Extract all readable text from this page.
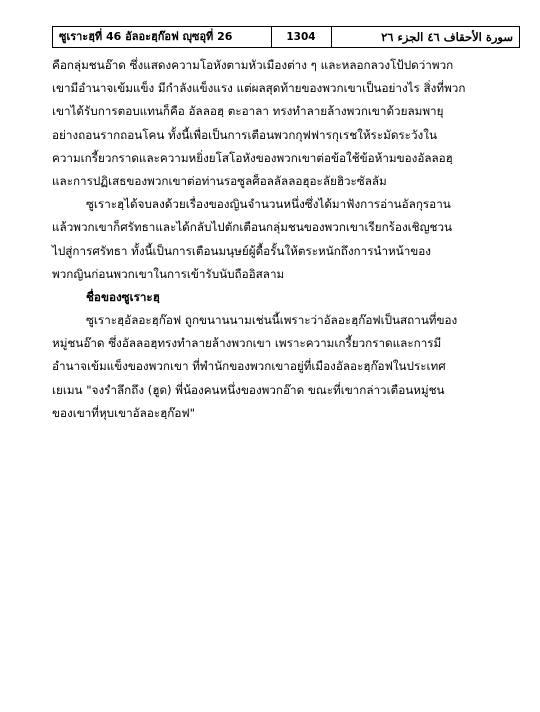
ซูเราะฮฺที่ 46 อัลอะฮฺก๊อฟ ญุซอุที่ 26	1304	سورة الأحقاف ٤٦ الجزء ٢٦
คือกลุ่มชนอ๊าด ซึ่งแสดงความโอหังตามหัวเมืองต่าง ๆ และหลอกลวงโป้ปดว่าพวก
เขามีอำนาจเข้มแข็ง มีกำลังแข็งแรง แต่ผลสุดท้ายของพวกเขาเป็นอย่างไร สิ่งที่พวก
เขาได้รับการตอบแทนก็คือ อัลลอฮฺ ตะอาลา ทรงทำลายล้างพวกเขาด้วยลมพายุ
อย่างถอนรากถอนโคน ทั้งนี้เพื่อเป็นการเตือนพวกกุฟฟารกุเรชให้ระมัดระวังใน
ความเกรี้ยวกราดและความหยิ่งยโสโอหังของพวกเขาต่อข้อใช้ข้อห้ามของอัลลอฮฺ
และการปฏิเสธของพวกเขาต่อท่านรอซูลศ็อลลัลลอฮุอะลัยฮิวะซัลลัม
ซูเราะฮฺได้จบลงด้วยเรื่องของญินจำนวนหนึ่งซึ่งได้มาฟังการอ่านอัลกุรอาน
แล้วพวกเขาก็ศรัทธาและได้กลับไปตักเตือนกลุ่มชนของพวกเขาเรียกร้องเชิญชวน
ไปสู่การศรัทธา ทั้งนี้เป็นการเตือนมนุษย์ผู้ดื้อรั้นให้ตระหนักถึงการนำหน้าของ
พวกญินก่อนพวกเขาในการเข้ารับนับถืออิสลาม
ชื่อของซูเราะฮฺ
ซูเราะฮฺอัลอะฮฺก๊อฟ ถูกขนานนามเช่นนี้เพราะว่าอัลอะฮฺก๊อฟเป็นสถานที่ของ
หมู่ชนอ๊าด ซึ่งอัลลอฮฺทรงทำลายล้างพวกเขา เพราะความเกรี้ยวกราดและการมี
อำนาจเข้มแข็งของพวกเขา ที่พำนักของพวกเขาอยู่ที่เมืองอัลอะฮฺก๊อฟในประเทศ
เยเมน "จงรำลึกถึง (ฮูด) พี่น้องคนหนึ่งของพวกอ๊าด ขณะที่เขากล่าวเตือนหมู่ชน
ของเขาที่หุบเขาอัลอะฮฺก๊อฟ"
